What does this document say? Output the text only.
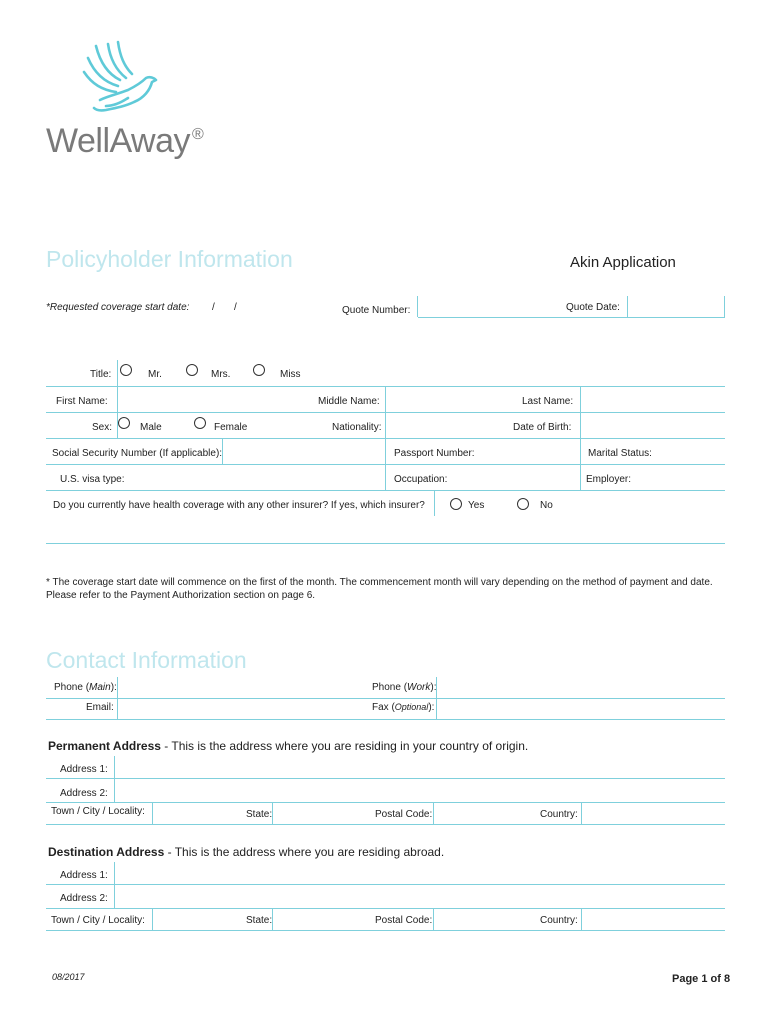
WellAway ®
Policyholder Information	Akin Application
*Requested coverage start date: / /	Quote Number:	Quote Date:
Title:	Mr.	Mrs.	Miss
First Name:	Middle Name:	Last Name:
Sex:	Male	Female	Nationality:	Date of Birth:
Social Security Number (If applicable):	Passport Number:	Marital Status:
U.S. visa type:	Occupation:	Employer:
Do you currently have health coverage with any other insurer? If yes, which insurer?	Yes	No
* The coverage start date will commence on the first of the month. The commencement month will vary depending on the method of payment and date. Please refer to the Payment Authorization section on page 6.
Contact Information
Phone (Main):	Phone (Work):
Email:	Fax (Optional):
Permanent Address - This is the address where you are residing in your country of origin.
Address 1:
Address 2:
Town / City / Locality:	State:	Postal Code:	Country:
Destination Address - This is the address where you are residing abroad.
Address 1:
Address 2:
Town / City / Locality:	State:	Postal Code:	Country:
08/2017	Page 1 of 8
